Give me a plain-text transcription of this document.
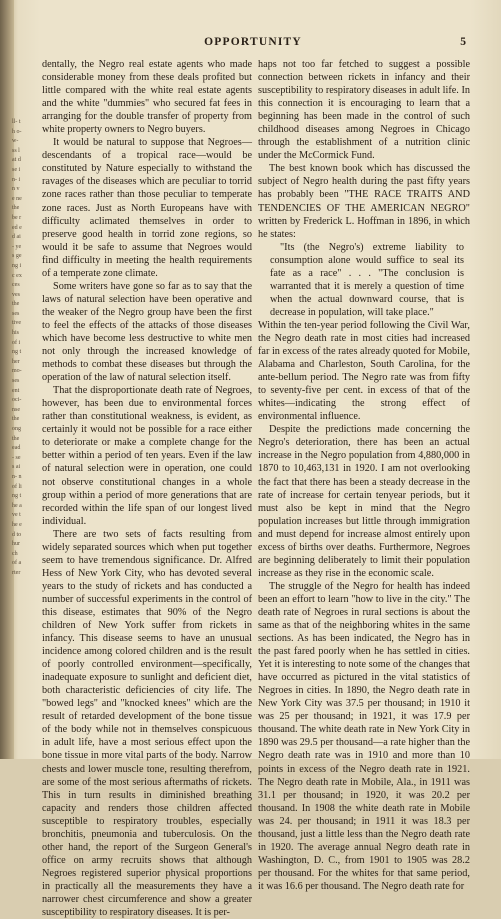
ll- th o- w- ss lat d se in- in ve ne the be red ed ai- yes ge ng ic ex ces ves the ses tive his of ing ther mo- ses ent oci- nse the ong the ead- ses ain- n of ling the ave the ed to hurch of arter
OPPORTUNITY	5

dentally, the Negro real estate agents who made considerable money from these deals profited but little compared with the white real estate agents and the white "dummies" who secured fat fees in arranging for the double transfer of property from white property owners to Negro buyers.

It would be natural to suppose that Negroes—descendants of a tropical race—would be constituted by Nature especially to withstand the ravages of the diseases which are peculiar to torrid zone races rather than those peculiar to temperate zone races. Just as North Europeans have with difficulty aclimated themselves in order to preserve good health in torrid zone regions, so would it be safe to assume that Negroes would find difficulty in meeting the health requirements of a temperate zone climate.

Some writers have gone so far as to say that the laws of natural selection have been operative and the weaker of the Negro group have been the first to feel the effects of the attacks of those diseases which have become less destructive to white men not only through the increased knowledge of methods to combat these diseases but through the operation of the law of natural selection itself.

That the disproportionate death rate of Negroes, however, has been due to environmental forces rather than constitutional weakness, is evident, as certainly it would not be possible for a race either to deteriorate or make a complete change for the better within a period of ten years. Even if the law of natural selection were in operation, one could not observe constitutional changes in a whole group within a period of more generations that are recorded within the life span of our longest lived individual.

There are two sets of facts resulting from widely separated sources which when put together seem to have tremendous significance. Dr. Alfred Hess of New York City, who has devoted several years to the study of rickets and has conducted a number of successful experiments in the control of this disease, estimates that 90% of the Negro children of New York suffer from rickets in infancy. This disease seems to have an unusual incidence among colored children and is the result of poorly controlled environment—specifically, inadequate exposure to sunlight and deficient diet, both characteristic deficiencies of city life. The "bowed legs" and "knocked knees" which are the result of retarded development of the bone tissue of the body while not in themselves conspicuous in adult life, have a most serious effect upon the bone tissue in more vital parts of the body. Narrow chests and lower muscle tone, resulting therefrom, are some of the most serious aftermaths of rickets. This in turn results in diminished breathing capacity and renders those children affected susceptible to respiratory troubles, especially bronchitis, pneumonia and tuberculosis. On the other hand, the report of the Surgeon General's office on army recruits shows that although Negroes registered superior physical proportions in practically all the measurements they have a narrower chest circumference and show a greater susceptibility to respiratory diseases. It is per-

haps not too far fetched to suggest a possible connection between rickets in infancy and their susceptibility to respiratory diseases in adult life. In this connection it is encouraging to learn that a beginning has been made in the control of such childhood diseases among Negroes in Chicago through the establishment of a nutrition clinic under the McCormick Fund.

The best known book which has discussed the subject of Negro health during the past fifty years has probably been "THE RACE TRAITS AND TENDENCIES OF THE AMERICAN NEGRO" written by Frederick L. Hoffman in 1896, in which he states:

"Its (the Negro's) extreme liability to consumption alone would suffice to seal its fate as a race" . . . "The conclusion is warranted that it is merely a question of time when the actual downward course, that is decrease in population, will take place."

Within the ten-year period following the Civil War, the Negro death rate in most cities had increased far in excess of the rates already quoted for Mobile, Alabama and Charleston, South Carolina, for the ante-bellum period. The Negro rate was from fifty to seventy-five per cent. in excess of that of the whites—indicating the strong effect of environmental influence.

Despite the predictions made concerning the Negro's deterioration, there has been an actual increase in the Negro population from 4,880,000 in 1870 to 10,463,131 in 1920. I am not overlooking the fact that there has been a steady decrease in the rate of increase for certain tenyear periods, but it must also be kept in mind that the Negro population increases but little through immigration and must depend for increase almost entirely upon excess of births over deaths. Furthermore, Negroes are beginning deliberately to limit their population increase as they rise in the economic scale.

The struggle of the Negro for health has indeed been an effort to learn "how to live in the city." The death rate of Negroes in rural sections is about the same as that of the neighboring whites in the same sections. As has been indicated, the Negro has in the past fared poorly when he has settled in cities. Yet it is interesting to note some of the changes that have occurred as pictured in the vital statistics of Negroes in cities. In 1890, the Negro death rate in New York City was 37.5 per thousand; in 1910 it was 25 per thousand; in 1921, it was 17.9 per thousand. The white death rate in New York City in 1890 was 29.5 per thousand—a rate higher than the Negro death rate was in 1910 and more than 10 points in excess of the Negro death rate in 1921. The Negro death rate in Mobile, Ala., in 1911 was 31.1 per thousand; in 1920, it was 20.2 per thousand. In 1908 the white death rate in Mobile was 24. per thousand; in 1911 it was 18.3 per thousand, just a little less than the Negro death rate in 1920. The average annual Negro death rate in Washington, D. C., from 1901 to 1905 was 28.2 per thousand. For the whites for that same period, it was 16.6 per thousand. The Negro death rate for
